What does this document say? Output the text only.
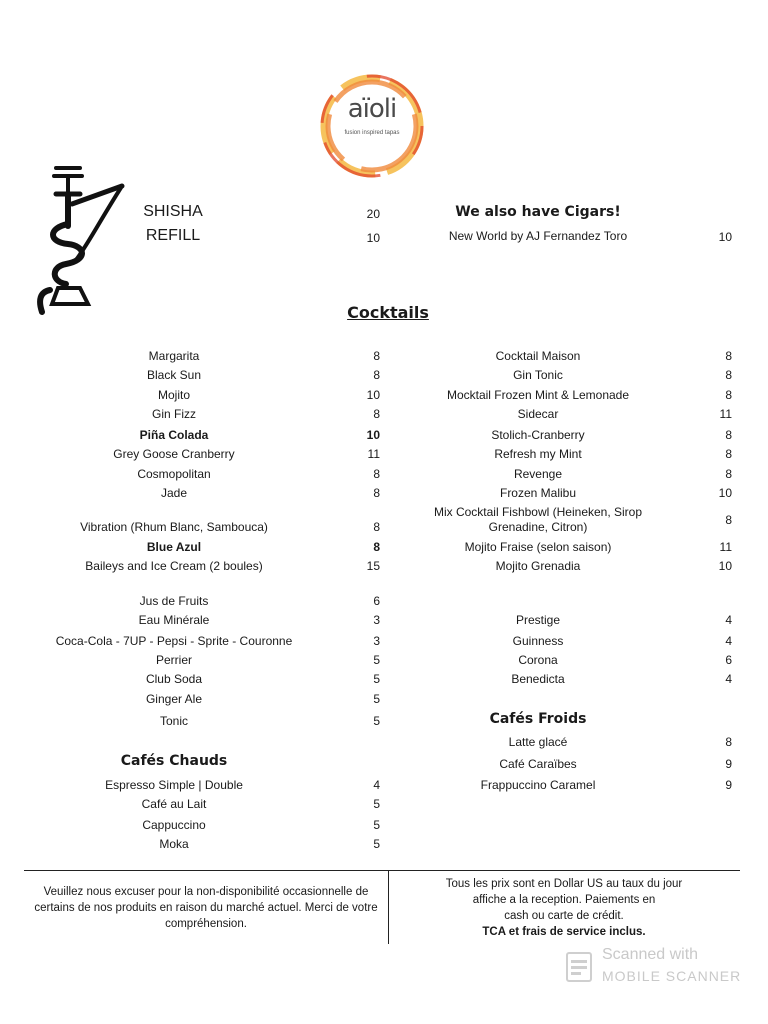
aïoli
fusion inspired tapas
SHISHA	20
REFILL	10
We also have Cigars!
New World by AJ Fernandez Toro	10
Cocktails
Margarita	8
Black Sun	8
Mojito	10
Gin Fizz	8
Piña Colada	10
Grey Goose Cranberry	11
Cosmopolitan	8
Jade	8
Vibration (Rhum Blanc, Sambouca)	8
Blue Azul	8
Baileys and Ice Cream (2 boules)	15
Cocktail Maison	8
Gin Tonic	8
Mocktail Frozen Mint & Lemonade	8
Sidecar	11
Stolich-Cranberry	8
Refresh my Mint	8
Revenge	8
Frozen Malibu	10
Mix Cocktail Fishbowl (Heineken, Sirop Grenadine, Citron)	8
Mojito Fraise (selon saison)	11
Mojito Grenadia	10
Jus de Fruits	6
Eau Minérale	3
Coca-Cola - 7UP - Pepsi - Sprite - Couronne	3
Perrier	5
Club Soda	5
Ginger Ale	5
Tonic	5
Prestige	4
Guinness	4
Corona	6
Benedicta	4
Cafés Froids
Latte glacé	8
Café Caraïbes	9
Frappuccino Caramel	9
Cafés Chauds
Espresso Simple | Double	4
Café au Lait	5
Cappuccino	5
Moka	5
Veuillez nous excuser pour la non-disponibilité occasionnelle de certains de nos produits en raison du marché actuel. Merci de votre compréhension.
Tous les prix sont en Dollar US au taux du jour
affiche a la reception. Paiements en
cash ou carte de crédit.
TCA et frais de service inclus.
Scanned with
MOBILE SCANNER
